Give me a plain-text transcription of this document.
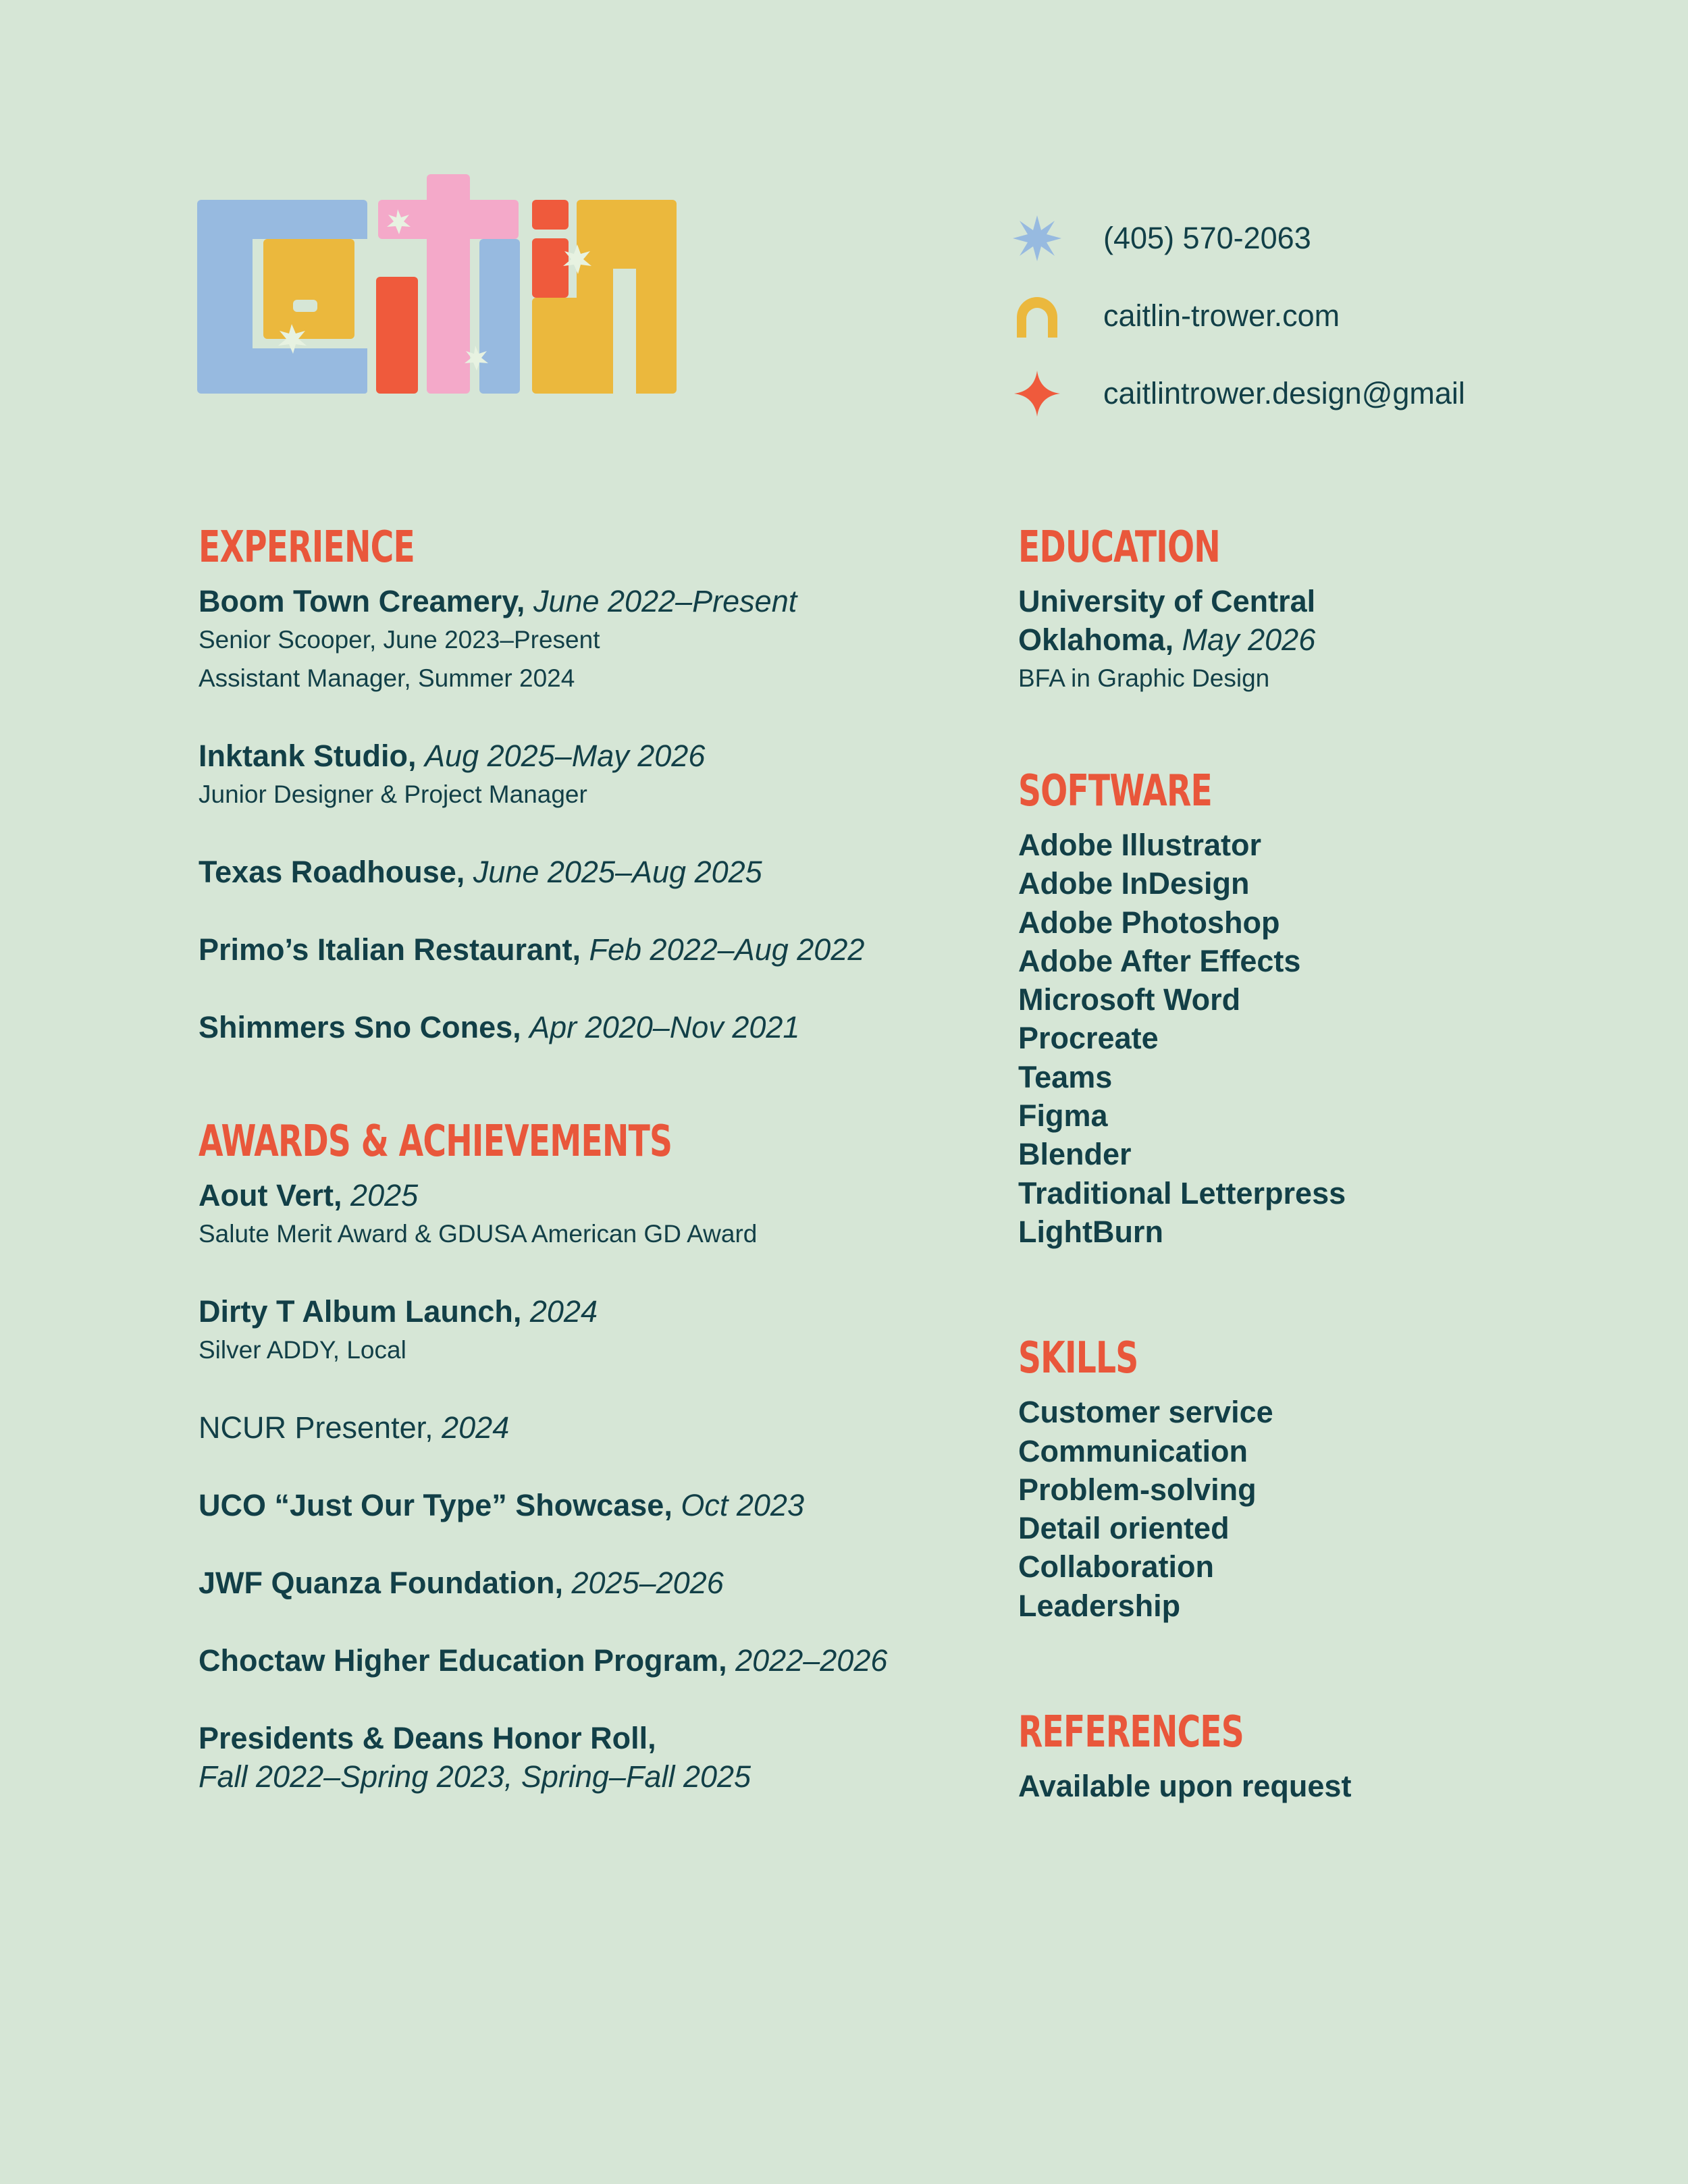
(405) 570-2063
caitlin-trower.com
caitlintrower.design@gmail
EXPERIENCE
Boom Town Creamery, June 2022–Present
Senior Scooper, June 2023–Present
Assistant Manager, Summer 2024
Inktank Studio, Aug 2025–May 2026
Junior Designer & Project Manager
Texas Roadhouse, June 2025–Aug 2025
Primo’s Italian Restaurant, Feb 2022–Aug 2022
Shimmers Sno Cones, Apr 2020–Nov 2021
AWARDS & ACHIEVEMENTS
Aout Vert, 2025
Salute Merit Award & GDUSA American GD Award
Dirty T Album Launch, 2024
Silver ADDY, Local
NCUR Presenter, 2024
UCO “Just Our Type” Showcase, Oct 2023
JWF Quanza Foundation, 2025–2026
Choctaw Higher Education Program, 2022–2026
Presidents & Deans Honor Roll,
Fall 2022–Spring 2023, Spring–Fall 2025
EDUCATION
University of Central
Oklahoma, May 2026
BFA in Graphic Design
SOFTWARE
Adobe Illustrator
Adobe InDesign
Adobe Photoshop
Adobe After Effects
Microsoft Word
Procreate
Teams
Figma
Blender
Traditional Letterpress
LightBurn
SKILLS
Customer service
Communication
Problem-solving
Detail oriented
Collaboration
Leadership
REFERENCES
Available upon request
